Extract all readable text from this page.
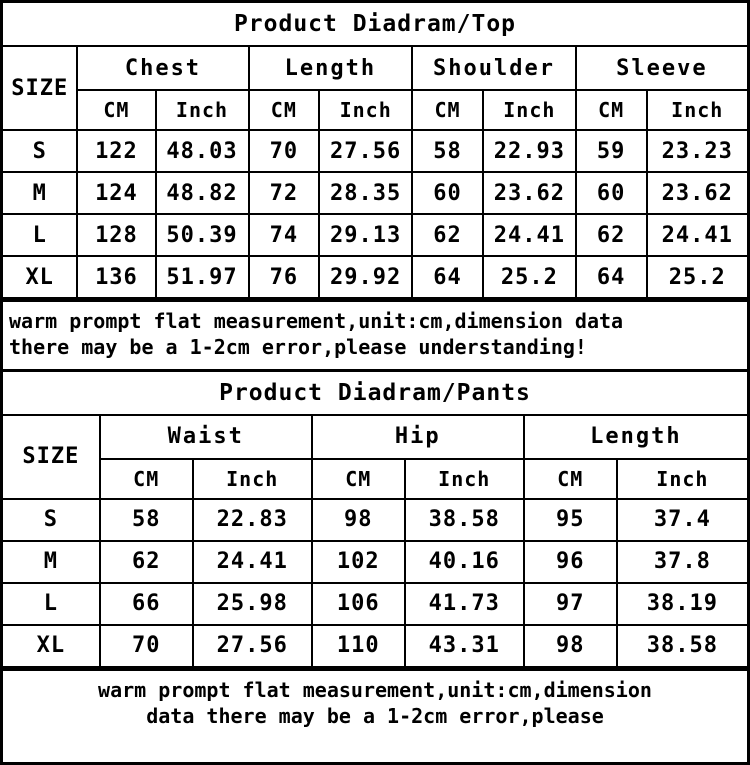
Product Diadram/Top								
SIZE	Chest		Length		Shoulder		Sleeve	
	CM	Inch	CM	Inch	CM	Inch	CM	Inch
S	122	48.03	70	27.56	58	22.93	59	23.23
M	124	48.82	72	28.35	60	23.62	60	23.62
L	128	50.39	74	29.13	62	24.41	62	24.41
XL	136	51.97	76	29.92	64	25.2	64	25.2
warm prompt flat measurement,unit:cm,dimension data
there may be a 1-2cm error,please understanding!
Product Diadram/Pants						
SIZE	Waist		Hip		Length	
	CM	Inch	CM	Inch	CM	Inch
S	58	22.83	98	38.58	95	37.4
M	62	24.41	102	40.16	96	37.8
L	66	25.98	106	41.73	97	38.19
XL	70	27.56	110	43.31	98	38.58
warm prompt flat measurement,unit:cm,dimension
data there may be a 1-2cm error,please
